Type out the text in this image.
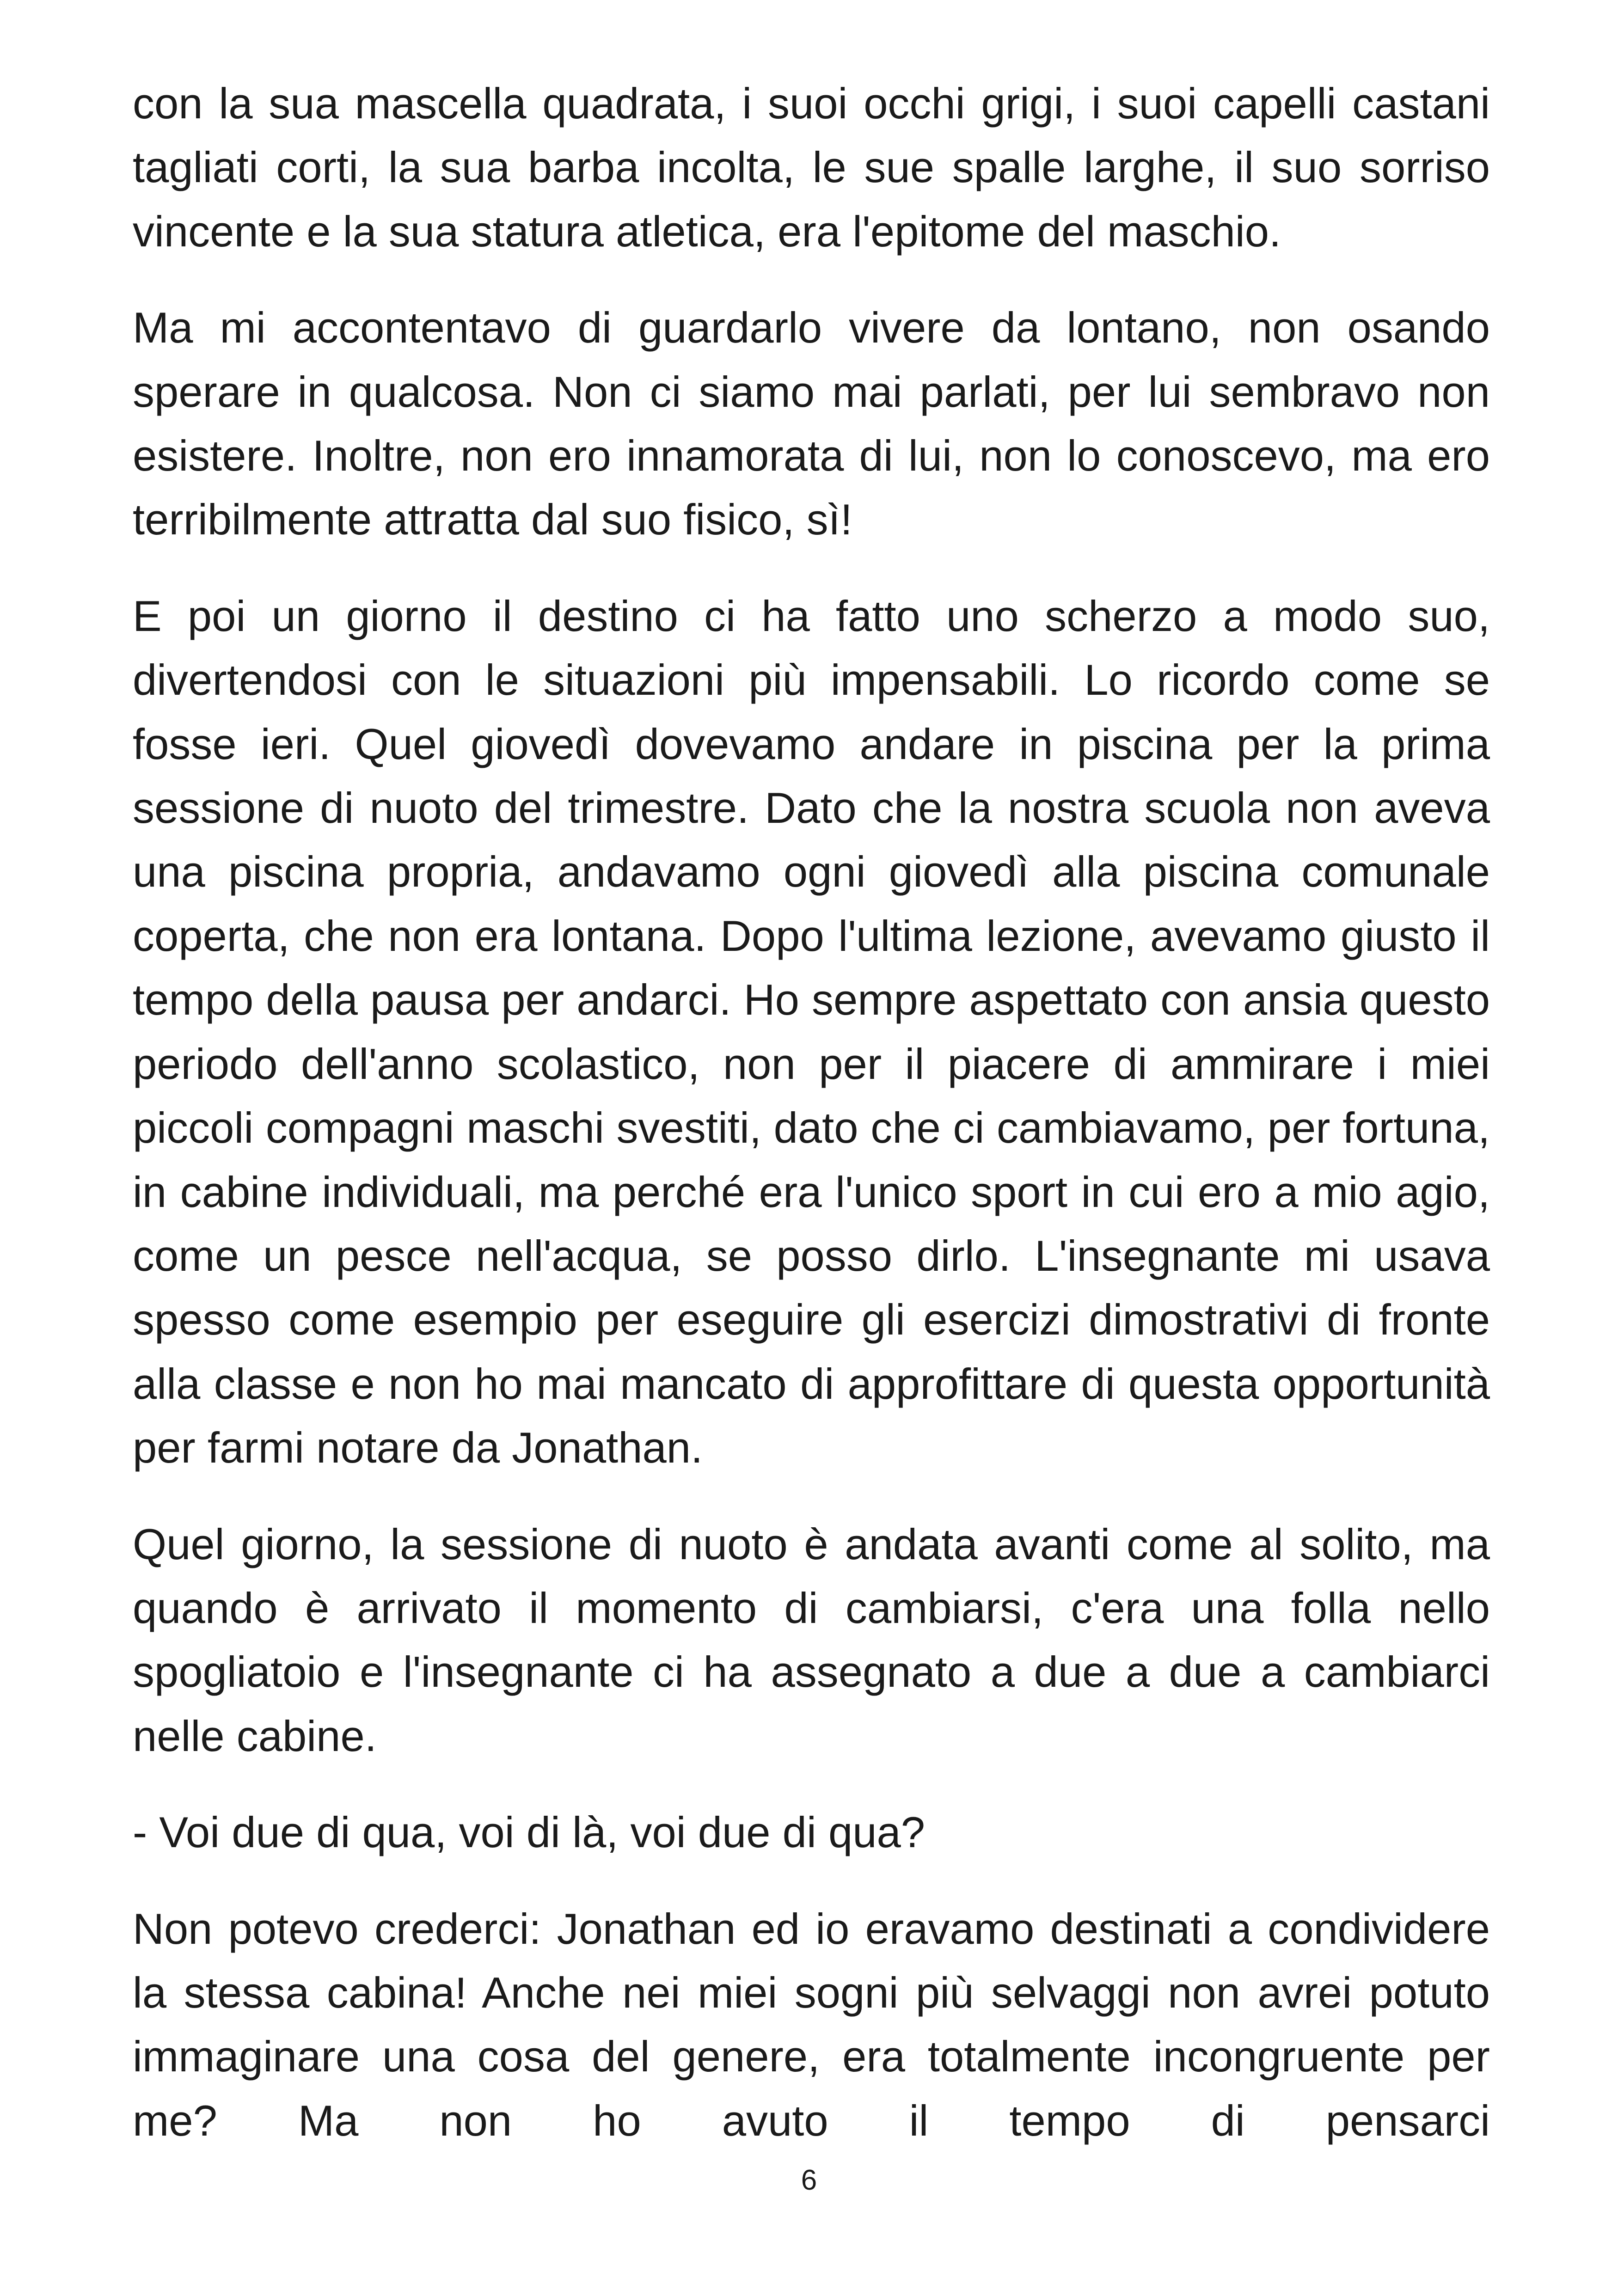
con la sua mascella quadrata, i suoi occhi grigi, i suoi capelli castani tagliati corti, la sua barba incolta, le sue spalle larghe, il suo sorriso vincente e la sua statura atletica, era l'epitome del maschio.

Ma mi accontentavo di guardarlo vivere da lontano, non osando sperare in qualcosa. Non ci siamo mai parlati, per lui sembravo non esistere. Inoltre, non ero innamorata di lui, non lo conoscevo, ma ero terribilmente attratta dal suo fisico, sì!

E poi un giorno il destino ci ha fatto uno scherzo a modo suo, divertendosi con le situazioni più impensabili. Lo ricordo come se fosse ieri. Quel giovedì dovevamo andare in piscina per la prima sessione di nuoto del trimestre. Dato che la nostra scuola non aveva una piscina propria, andavamo ogni giovedì alla piscina comunale coperta, che non era lontana. Dopo l'ultima lezione, avevamo giusto il tempo della pausa per andarci. Ho sempre aspettato con ansia questo periodo dell'anno scolastico, non per il piacere di ammirare i miei piccoli compagni maschi svestiti, dato che ci cambiavamo, per fortuna, in cabine individuali, ma perché era l'unico sport in cui ero a mio agio, come un pesce nell'acqua, se posso dirlo. L'insegnante mi usava spesso come esempio per eseguire gli esercizi dimostrativi di fronte alla classe e non ho mai mancato di approfittare di questa opportunità per farmi notare da Jonathan.

Quel giorno, la sessione di nuoto è andata avanti come al solito, ma quando è arrivato il momento di cambiarsi, c'era una folla nello spogliatoio e l'insegnante ci ha assegnato a due a due a cambiarci nelle cabine.

- Voi due di qua, voi di là, voi due di qua?

Non potevo crederci: Jonathan ed io eravamo destinati a condividere la stessa cabina! Anche nei miei sogni più selvaggi non avrei potuto immaginare una cosa del genere, era totalmente incongruente per me? Ma non ho avuto il tempo di pensarci

6
